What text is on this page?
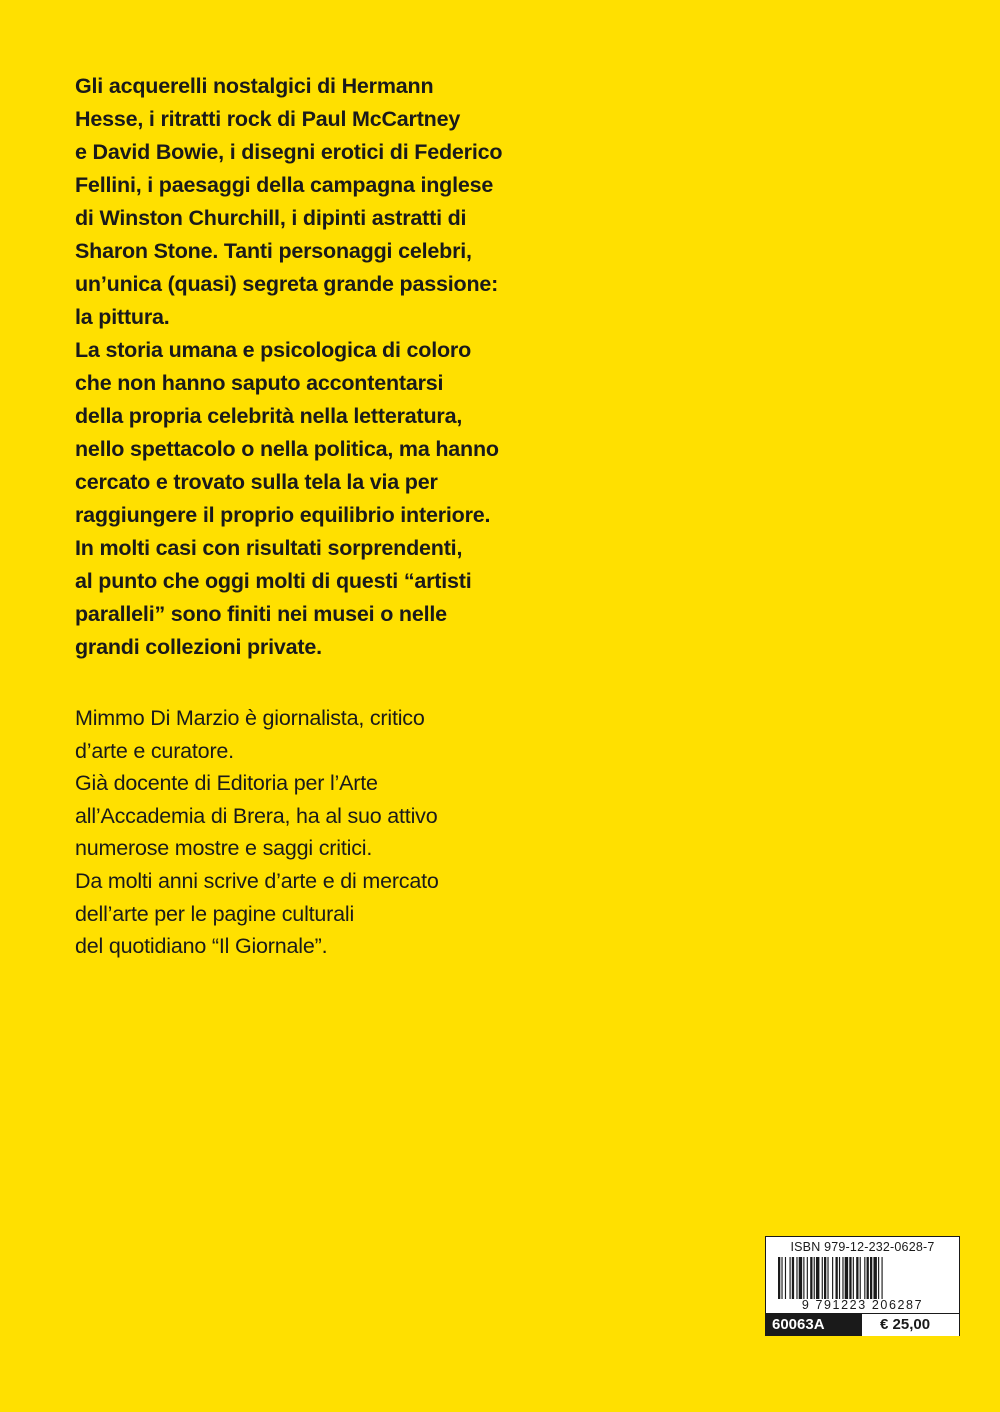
Gli acquerelli nostalgici di Hermann
Hesse, i ritratti rock di Paul McCartney
e David Bowie, i disegni erotici di Federico
Fellini, i paesaggi della campagna inglese
di Winston Churchill, i dipinti astratti di
Sharon Stone. Tanti personaggi celebri,
un’unica (quasi) segreta grande passione:
la pittura.
La storia umana e psicologica di coloro
che non hanno saputo accontentarsi
della propria celebrità nella letteratura,
nello spettacolo o nella politica, ma hanno
cercato e trovato sulla tela la via per
raggiungere il proprio equilibrio interiore.
In molti casi con risultati sorprendenti,
al punto che oggi molti di questi “artisti
paralleli” sono finiti nei musei o nelle
grandi collezioni private.
Mimmo Di Marzio è giornalista, critico
d’arte e curatore.
Già docente di Editoria per l’Arte
all’Accademia di Brera, ha al suo attivo
numerose mostre e saggi critici.
Da molti anni scrive d’arte e di mercato
dell’arte per le pagine culturali
del quotidiano “Il Giornale”.
ISBN 979-12-232-0628-7
9 791223 206287
60063A	€ 25,00
